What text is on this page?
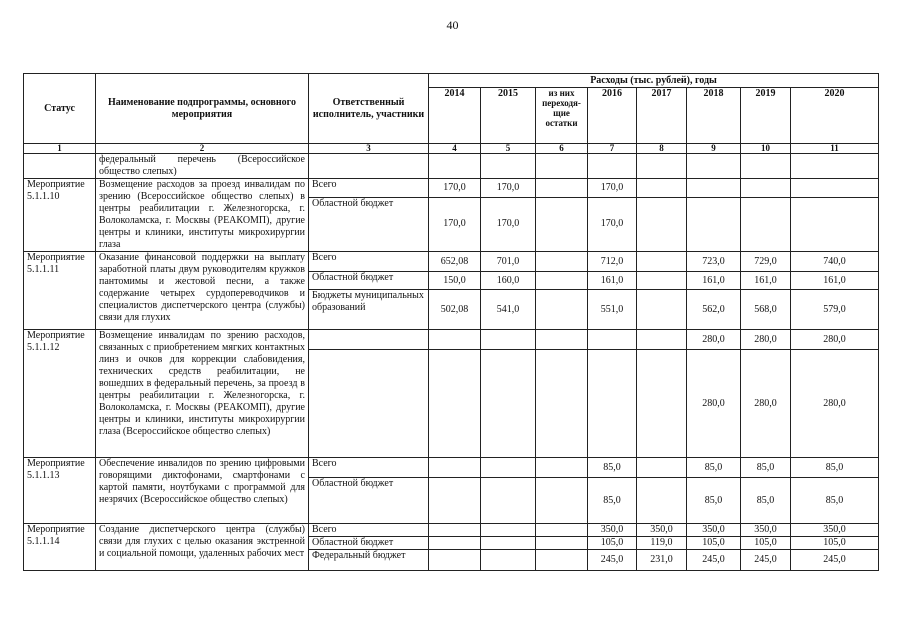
40
Статус	Наименование подпрограммы, основного мероприятия	Ответственный исполнитель, участники	Расходы (тыс. рублей), годы							
			2014	2015	из них переходя-щие остатки	2016	2017	2018	2019	2020
1	2	3	4	5	6	7	8	9	10	11
	федеральный перечень (Всероссийское общество слепых)									
Мероприятие 5.1.1.10	Возмещение расходов за проезд инвалидам по зрению (Всероссийское общество слепых) в центры реабилитации г. Железногорска, г. Волоколамска, г. Москвы (РЕАКОМП), другие центры и клиники, институты микрохирургии глаза	Всего	170,0	170,0		170,0				
		Областной бюджет	170,0	170,0		170,0				
Мероприятие 5.1.1.11	Оказание финансовой поддержки на выплату заработной платы двум руководителям кружков пантомимы и жестовой песни, а также содержание четырех сурдопереводчиков и специалистов диспетчерского центра (службы) связи для глухих	Всего	652,08	701,0		712,0		723,0	729,0	740,0
		Областной бюджет	150,0	160,0		161,0		161,0	161,0	161,0
		Бюджеты муниципальных образований	502,08	541,0		551,0		562,0	568,0	579,0
Мероприятие 5.1.1.12	Возмещение инвалидам по зрению расходов, связанных с приобретением мягких контактных линз и очков для коррекции слабовидения, технических средств реабилитации, не вошедших в федеральный перечень, за проезд в центры реабилитации г. Железногорска, г. Волоколамска, г. Москвы (РЕАКОМП), другие центры и клиники, институты микрохирургии глаза (Всероссийское общество слепых)							280,0	280,0	280,0
								280,0	280,0	280,0
Мероприятие 5.1.1.13	Обеспечение инвалидов по зрению цифровыми говорящими диктофонами, смартфонами с картой памяти, ноутбуками с программой для незрячих (Всероссийское общество слепых)	Всего				85,0		85,0	85,0	85,0
		Областной бюджет				85,0		85,0	85,0	85,0
Мероприятие 5.1.1.14	Создание диспетчерского центра (службы) связи для глухих с целью оказания экстренной и социальной помощи, удаленных рабочих мест	Всего				350,0	350,0	350,0	350,0	350,0
		Областной бюджет				105,0	119,0	105,0	105,0	105,0
		Федеральный бюджет				245,0	231,0	245,0	245,0	245,0
